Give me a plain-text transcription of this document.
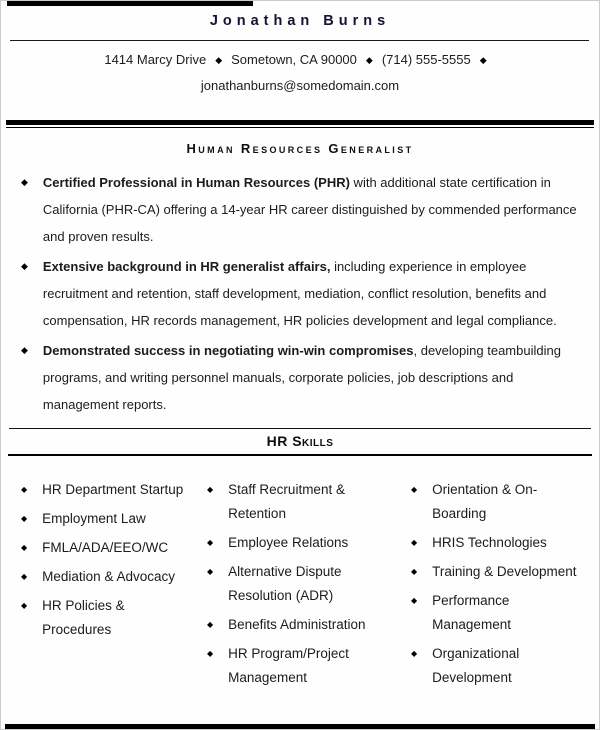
Jonathan Burns
1414 Marcy Drive ◆ Sometown, CA 90000 ◆ (714) 555-5555 ◆
jonathanburns@somedomain.com
Human Resources Generalist
◆ Certified Professional in Human Resources (PHR) with additional state certification in California (PHR-CA) offering a 14-year HR career distinguished by commended performance and proven results.

◆ Extensive background in HR generalist affairs, including experience in employee recruitment and retention, staff development, mediation, conflict resolution, benefits and compensation, HR records management, HR policies development and legal compliance.

◆ Demonstrated success in negotiating win-win compromises, developing teambuilding programs, and writing personnel manuals, corporate policies, job descriptions and management reports.

HR Skills
◆ HR Department Startup
◆ Employment Law
◆ FMLA/ADA/EEO/WC
◆ Mediation & Advocacy
◆ HR Policies & Procedures
◆ Staff Recruitment & Retention
◆ Employee Relations
◆ Alternative Dispute Resolution (ADR)
◆ Benefits Administration
◆ HR Program/Project Management
◆ Orientation & On-Boarding
◆ HRIS Technologies
◆ Training & Development
◆ Performance Management
◆ Organizational Development
